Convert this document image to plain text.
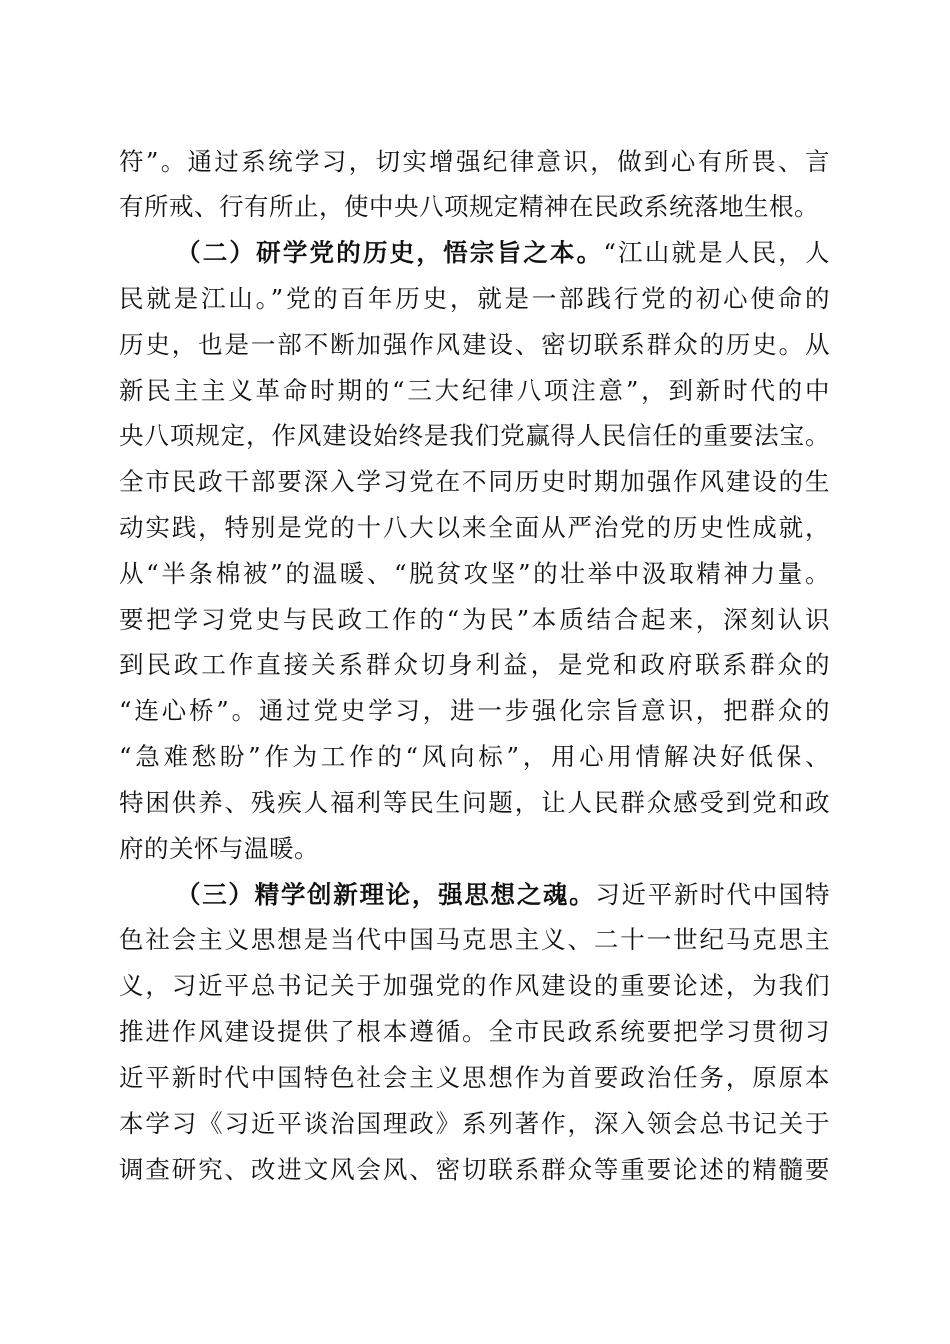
符”。通过系统学习，切实增强纪律意识，做到心有所畏、言
有所戒、行有所止，使中央八项规定精神在民政系统落地生根。
（二）研学党的历史，悟宗旨之本。“江山就是人民，人
民就是江山。”党的百年历史，就是一部践行党的初心使命的
历史，也是一部不断加强作风建设、密切联系群众的历史。从
新民主主义革命时期的“三大纪律八项注意”，到新时代的中
央八项规定，作风建设始终是我们党赢得人民信任的重要法宝。
全市民政干部要深入学习党在不同历史时期加强作风建设的生
动实践，特别是党的十八大以来全面从严治党的历史性成就，
从“半条棉被”的温暖、“脱贫攻坚”的壮举中汲取精神力量。
要把学习党史与民政工作的“为民”本质结合起来，深刻认识
到民政工作直接关系群众切身利益，是党和政府联系群众的
“连心桥”。通过党史学习，进一步强化宗旨意识，把群众的
“急难愁盼”作为工作的“风向标”，用心用情解决好低保、
特困供养、残疾人福利等民生问题，让人民群众感受到党和政
府的关怀与温暖。
（三）精学创新理论，强思想之魂。习近平新时代中国特
色社会主义思想是当代中国马克思主义、二十一世纪马克思主
义，习近平总书记关于加强党的作风建设的重要论述，为我们
推进作风建设提供了根本遵循。全市民政系统要把学习贯彻习
近平新时代中国特色社会主义思想作为首要政治任务，原原本
本学习《习近平谈治国理政》系列著作，深入领会总书记关于
调查研究、改进文风会风、密切联系群众等重要论述的精髓要
